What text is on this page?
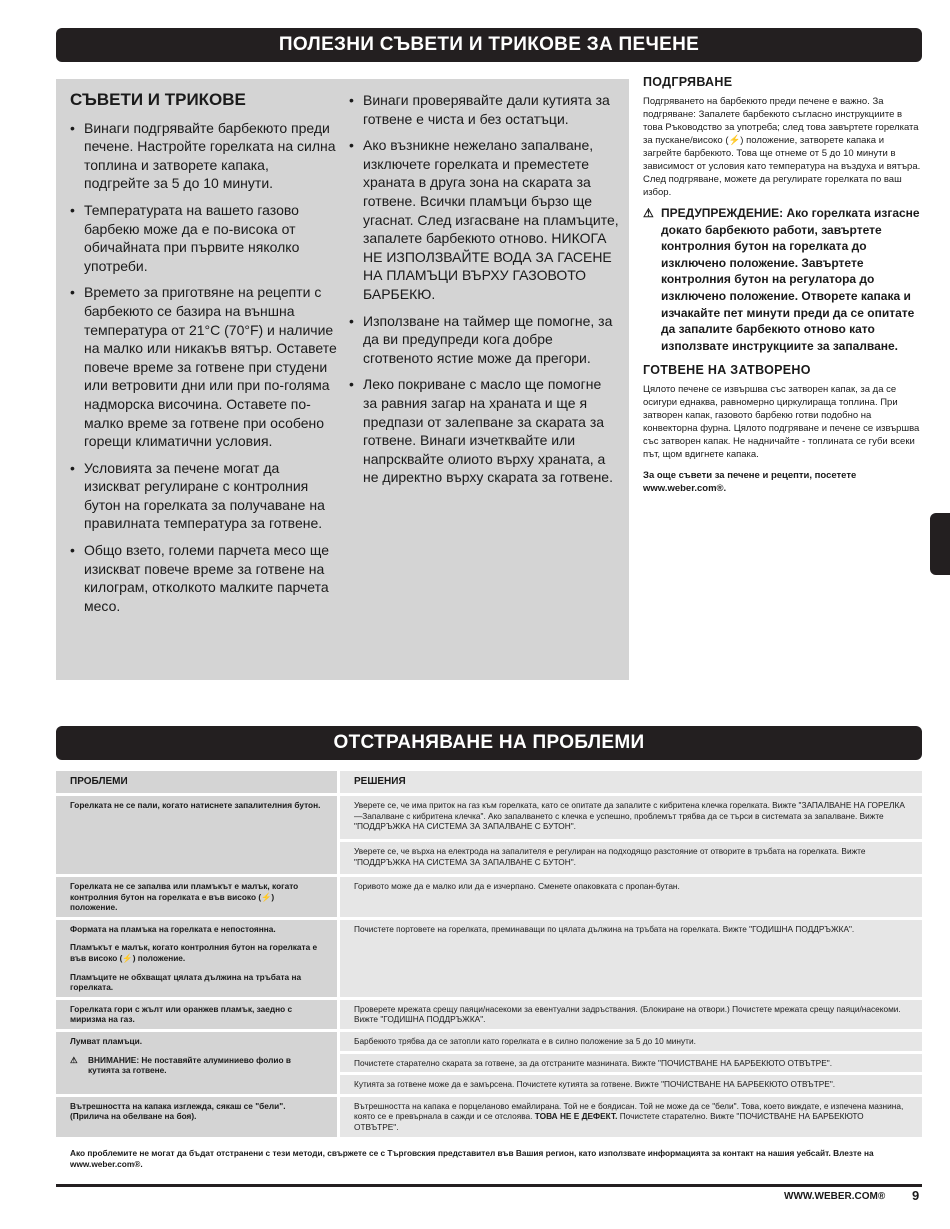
ПОЛЕЗНИ СЪВЕТИ И ТРИКОВЕ ЗА ПЕЧЕНЕ
СЪВЕТИ И ТРИКОВЕ
• Винаги подгрявайте барбекюто преди печене. Настройте горелката на силна топлина и затворете капака, подгрейте за 5 до 10 минути.
• Температурата на вашето газово барбекю може да е по-висока от обичайната при първите няколко употреби.
• Времето за приготвяне на рецепти с барбекюто се базира на външна температура от 21°C (70°F) и наличие на малко или никакъв вятър. Оставете повече време за готвене при студени или ветровити дни или при по-голяма надморска височина. Оставете по-малко време за готвене при особено горещи климатични условия.
• Условията за печене могат да изискват регулиране с контролния бутон на горелката за получаване на правилната температура за готвене.
• Общо взето, големи парчета месо ще изискват повече време за готвене на килограм, отколкото малките парчета месо.
• Винаги проверявайте дали кутията за готвене е чиста и без остатъци.
• Ако възникне нежелано запалване, изключете горелката и преместете храната в друга зона на скарата за готвене. Всички пламъци бързо ще угаснат. След изгасване на пламъците, запалете барбекюто отново. НИКОГА НЕ ИЗПОЛЗВАЙТЕ ВОДА ЗА ГАСЕНЕ НА ПЛАМЪЦИ ВЪРХУ ГАЗОВОТО БАРБЕКЮ.
• Използване на таймер ще помогне, за да ви предупреди кога добре сготвеното ястие може да прегори.
• Леко покриване с масло ще помогне за равния загар на храната и ще я предпази от залепване за скарата за готвене. Винаги изчетквайте или напрсквайте олиото върху храната, а не директно върху скарата за готвене.
ПОДГРЯВАНЕ

Подгряването на барбекюто преди печене е важно. За подгряване: Запалете барбекюто съгласно инструкциите в това Ръководство за употреба; след това завъртете горелката за пускане/високо (⚡) положение, затворете капака и загрейте барбекюто. Това ще отнеме от 5 до 10 минути в зависимост от условия като температура на въздуха и вятъра. След подгряване, можете да регулирате горелката по ваш избор.

⚠ ПРЕДУПРЕЖДЕНИЕ: Ако горелката изгасне докато барбекюто работи, завъртете контролния бутон на горелката до изключено положение. Завъртете контролния бутон на регулатора до изключено положение. Отворете капака и изчакайте пет минути преди да се опитате да запалите барбекюто отново като използвате инструкциите за запалване.
ГОТВЕНЕ НА ЗАТВОРЕНО

Цялото печене се извършва със затворен капак, за да се осигури еднаква, равномерно циркулираща топлина. При затворен капак, газовото барбекю готви подобно на конвекторна фурна. Цялото подгряване и печене се извършва със затворен капак. Не надничайте - топлината се губи всеки път, щом вдигнете капака.

За още съвети за печене и рецепти, посетете www.weber.com®.

ОТСТРАНЯВАНЕ НА ПРОБЛЕМИ
ПРОБЛЕМИ	РЕШЕНИЯ
Горелката не се пали, когато натиснете запалителния бутон.	Уверете се, че има приток на газ към горелката, като се опитате да запалите с кибритена клечка горелката. Вижте "ЗАПАЛВАНЕ НА ГОРЕЛКА—Запалване с кибритена клечка". Ако запалването с клечка е успешно, проблемът трябва да се търси в системата за запалване. Вижте "ПОДДРЪЖКА НА СИСТЕМА ЗА ЗАПАЛВАНЕ С БУТОН".
	Уверете се, че върха на електрода на запалителя е регулиран на подходящо разстояние от отворите в тръбата на горелката. Вижте "ПОДДРЪЖКА НА СИСТЕМА ЗА ЗАПАЛВАНЕ С БУТОН".
Горелката не се запалва или пламъкът е малък, когато контролния бутон на горелката е във високо (⚡) положение.	Горивото може да е малко или да е изчерпано. Сменете опаковката с пропан-бутан.

Формата на пламъка на горелката е непостоянна.

Пламъкът е малък, когато контролния бутон на горелката е във високо (⚡) положение.

Пламъците не обхващат цялата дължина на тръбата на горелката.	Почистете портовете на горелката, преминаващи по цялата дължина на тръбата на горелката. Вижте "ГОДИШНА ПОДДРЪЖКА".
Горелката гори с жълт или оранжев пламък, заедно с миризма на газ.	Проверете мрежата срещу паяци/насекоми за евентуални задръствания. (Блокиране на отвори.) Почистете мрежата срещу паяци/насекоми.
Вижте "ГОДИШНА ПОДДРЪЖКА".

Лумват пламъци.

⚠ ВНИМАНИЕ: Не поставяйте алуминиево фолио в кутията за готвене.	Барбекюто трябва да се затопли като горелката е в силно положение за 5 до 10 минути.
	Почистете старателно скарата за готвене, за да отстраните мазнината. Вижте "ПОЧИСТВАНЕ НА БАРБЕКЮТО ОТВЪТРЕ".
	Кутията за готвене може да е замърсена. Почистете кутията за готвене. Вижте "ПОЧИСТВАНЕ НА БАРБЕКЮТО ОТВЪТРЕ".
Вътрешността на капака изглежда, сякаш се "бели". (Прилича на обелване на боя).	Вътрешността на капака е порцеланово емайлирана. Той не е боядисан. Той не може да се "бели". Това, което виждате, е изпечена мазнина, която се е превърнала в сажди и се отслоява. ТОВА НЕ Е ДЕФЕКТ. Почистете старателно. Вижте "ПОЧИСТВАНЕ НА БАРБЕКЮТО ОТВЪТРЕ".
Ако проблемите не могат да бъдат отстранени с тези методи, свържете се с Търговския представител във Вашия регион, като използвате информацията за контакт на нашия уебсайт. Влезте на www.weber.com®.
WWW.WEBER.COM® 9
